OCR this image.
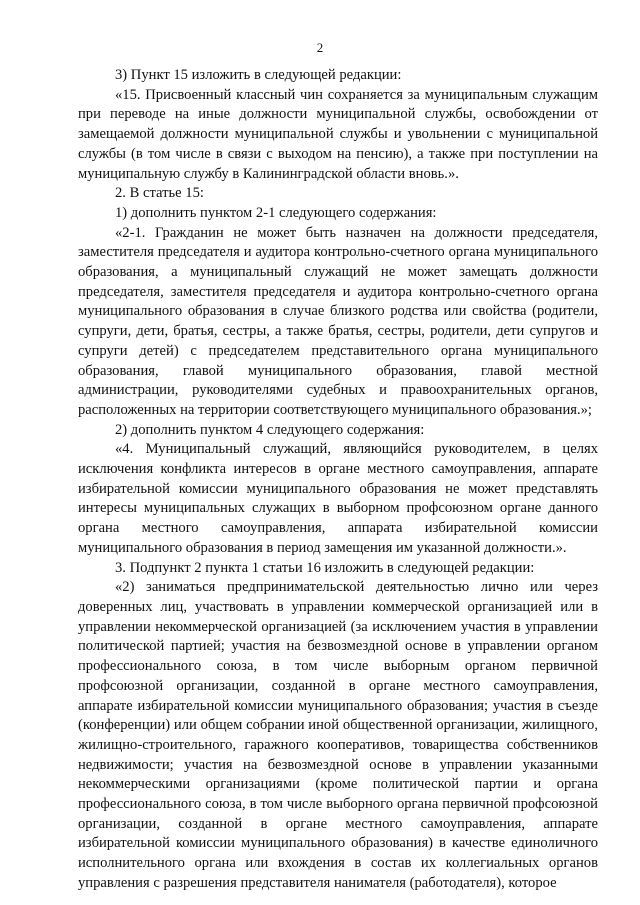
2

3) Пункт 15 изложить в следующей редакции:

«15. Присвоенный классный чин сохраняется за муниципальным служащим при переводе на иные должности муниципальной службы, освобождении от замещаемой должности муниципальной службы и увольнении с муниципальной службы (в том числе в связи с выходом на пенсию), а также при поступлении на муниципальную службу в Калининградской области вновь.».

2. В статье 15:

1) дополнить пунктом 2-1 следующего содержания:

«2-1. Гражданин не может быть назначен на должности председателя, заместителя председателя и аудитора контрольно-счетного органа муниципального образования, а муниципальный служащий не может замещать должности председателя, заместителя председателя и аудитора контрольно-счетного органа муниципального образования в случае близкого родства или свойства (родители, супруги, дети, братья, сестры, а также братья, сестры, родители, дети супругов и супруги детей) с председателем представительного органа муниципального образования, главой муниципального образования, главой местной администрации, руководителями судебных и правоохранительных органов, расположенных на территории соответствующего муниципального образования.»;

2) дополнить пунктом 4 следующего содержания:

«4. Муниципальный служащий, являющийся руководителем, в целях исключения конфликта интересов в органе местного самоуправления, аппарате избирательной комиссии муниципального образования не может представлять интересы муниципальных служащих в выборном профсоюзном органе данного органа местного самоуправления, аппарата избирательной комиссии муниципального образования в период замещения им указанной должности.».

3. Подпункт 2 пункта 1 статьи 16 изложить в следующей редакции:

«2) заниматься предпринимательской деятельностью лично или через доверенных лиц, участвовать в управлении коммерческой организацией или в управлении некоммерческой организацией (за исключением участия в управлении политической партией; участия на безвозмездной основе в управлении органом профессионального союза, в том числе выборным органом первичной профсоюзной организации, созданной в органе местного самоуправления, аппарате избирательной комиссии муниципального образования; участия в съезде (конференции) или общем собрании иной общественной организации, жилищного, жилищно-строительного, гаражного кооперативов, товарищества собственников недвижимости; участия на безвозмездной основе в управлении указанными некоммерческими организациями (кроме политической партии и органа профессионального союза, в том числе выборного органа первичной профсоюзной организации, созданной в органе местного самоуправления, аппарате избирательной комиссии муниципального образования) в качестве единоличного исполнительного органа или вхождения в состав их коллегиальных органов управления с разрешения представителя нанимателя (работодателя), которое
